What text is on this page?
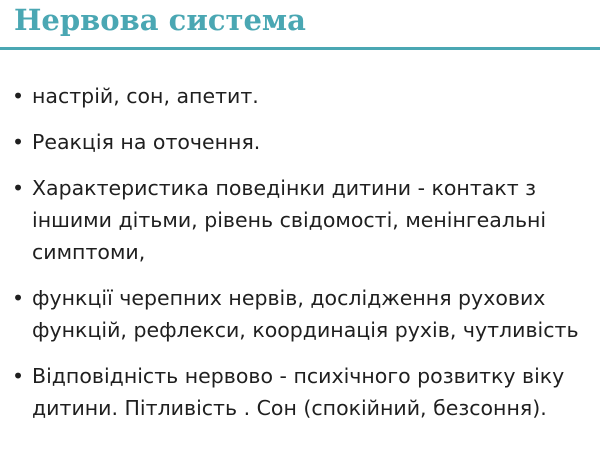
Нервова система
• настрій, сон, апетит.
• Реакція на оточення.
• Характеристика поведінки дитини - контакт з
іншими дітьми, рівень свідомості, менінгеальні
симптоми,
• функції черепних нервів, дослідження рухових
функцій, рефлекси, координація рухів, чутливість
• Відповідність нервово - психічного розвитку віку
дитини. Пітливість . Сон (спокійний, безсоння).
